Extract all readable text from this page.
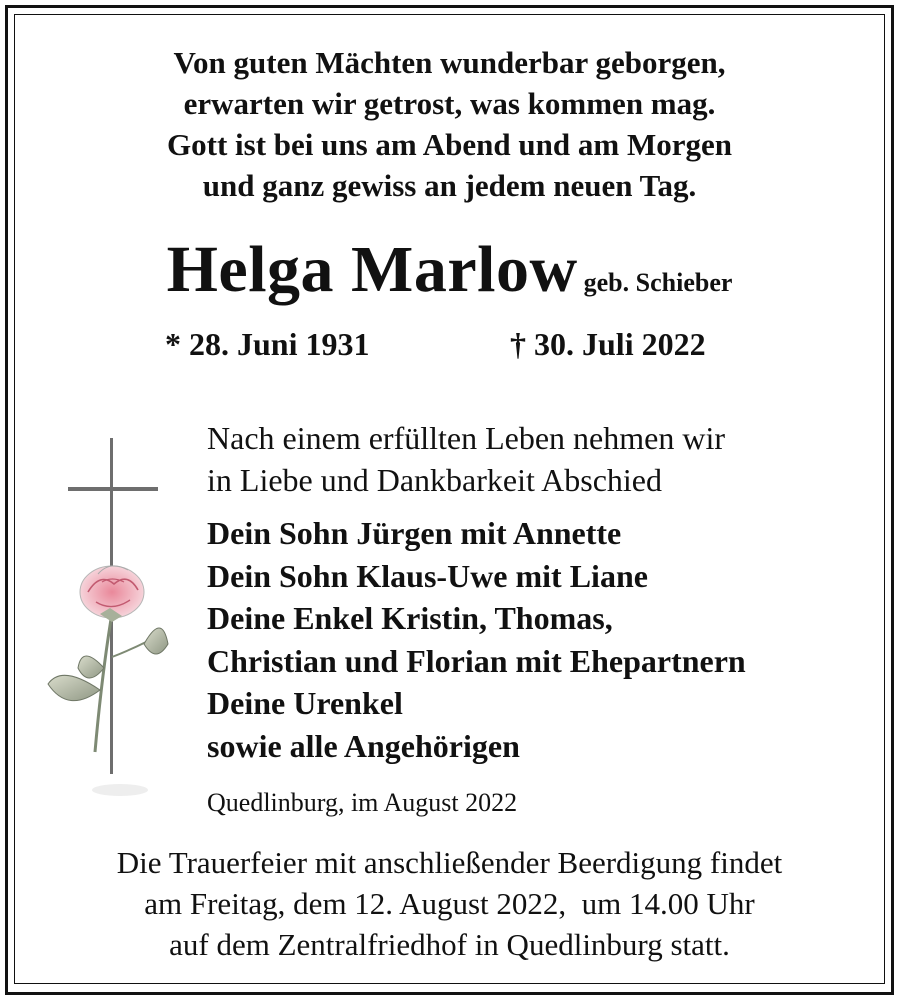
Von guten Mächten wunderbar geborgen,
erwarten wir getrost, was kommen mag.
Gott ist bei uns am Abend und am Morgen
und ganz gewiss an jedem neuen Tag.
Helga Marlow geb. Schieber
* 28. Juni 1931	† 30. Juli 2022
Nach einem erfüllten Leben nehmen wir
in Liebe und Dankbarkeit Abschied
Dein Sohn Jürgen mit Annette
Dein Sohn Klaus-Uwe mit Liane
Deine Enkel Kristin, Thomas,
Christian und Florian mit Ehepartnern
Deine Urenkel
sowie alle Angehörigen
Quedlinburg, im August 2022
Die Trauerfeier mit anschließender Beerdigung findet
am Freitag, dem 12. August 2022,  um 14.00 Uhr
auf dem Zentralfriedhof in Quedlinburg statt.
